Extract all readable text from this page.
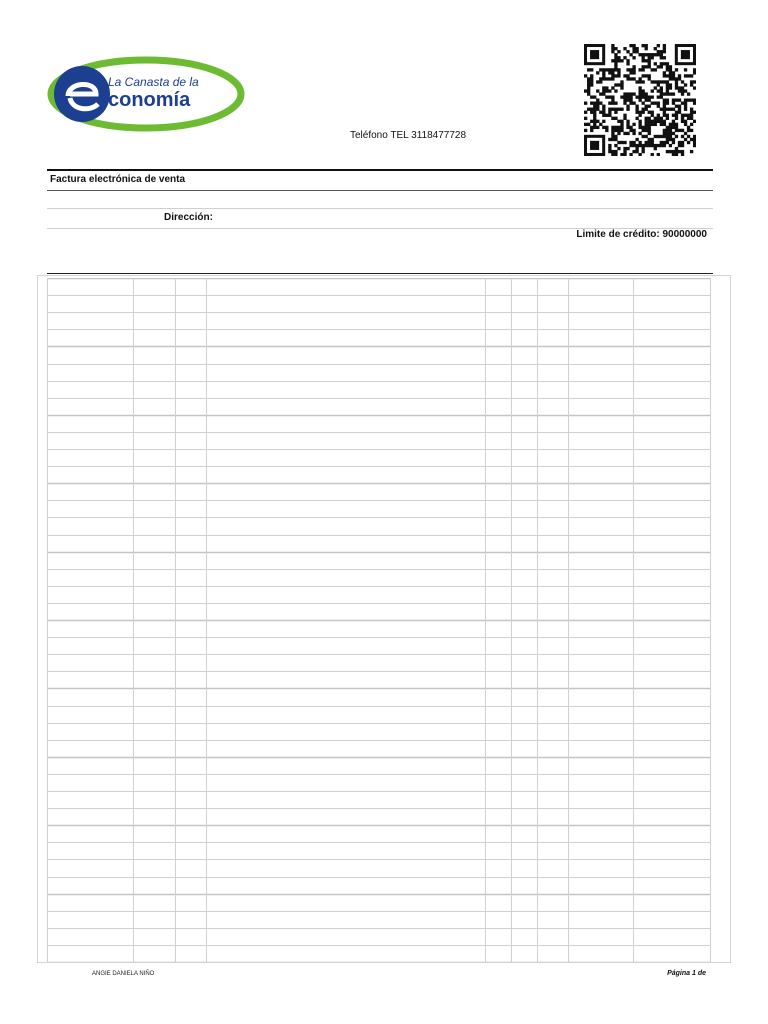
La Canasta de la
conomía
Teléfono TEL 3118477728
Factura electrónica de venta
Dirección:
Limite de crédito: 90000000
ANGIE DANIELA NIÑO	Página 1 de
